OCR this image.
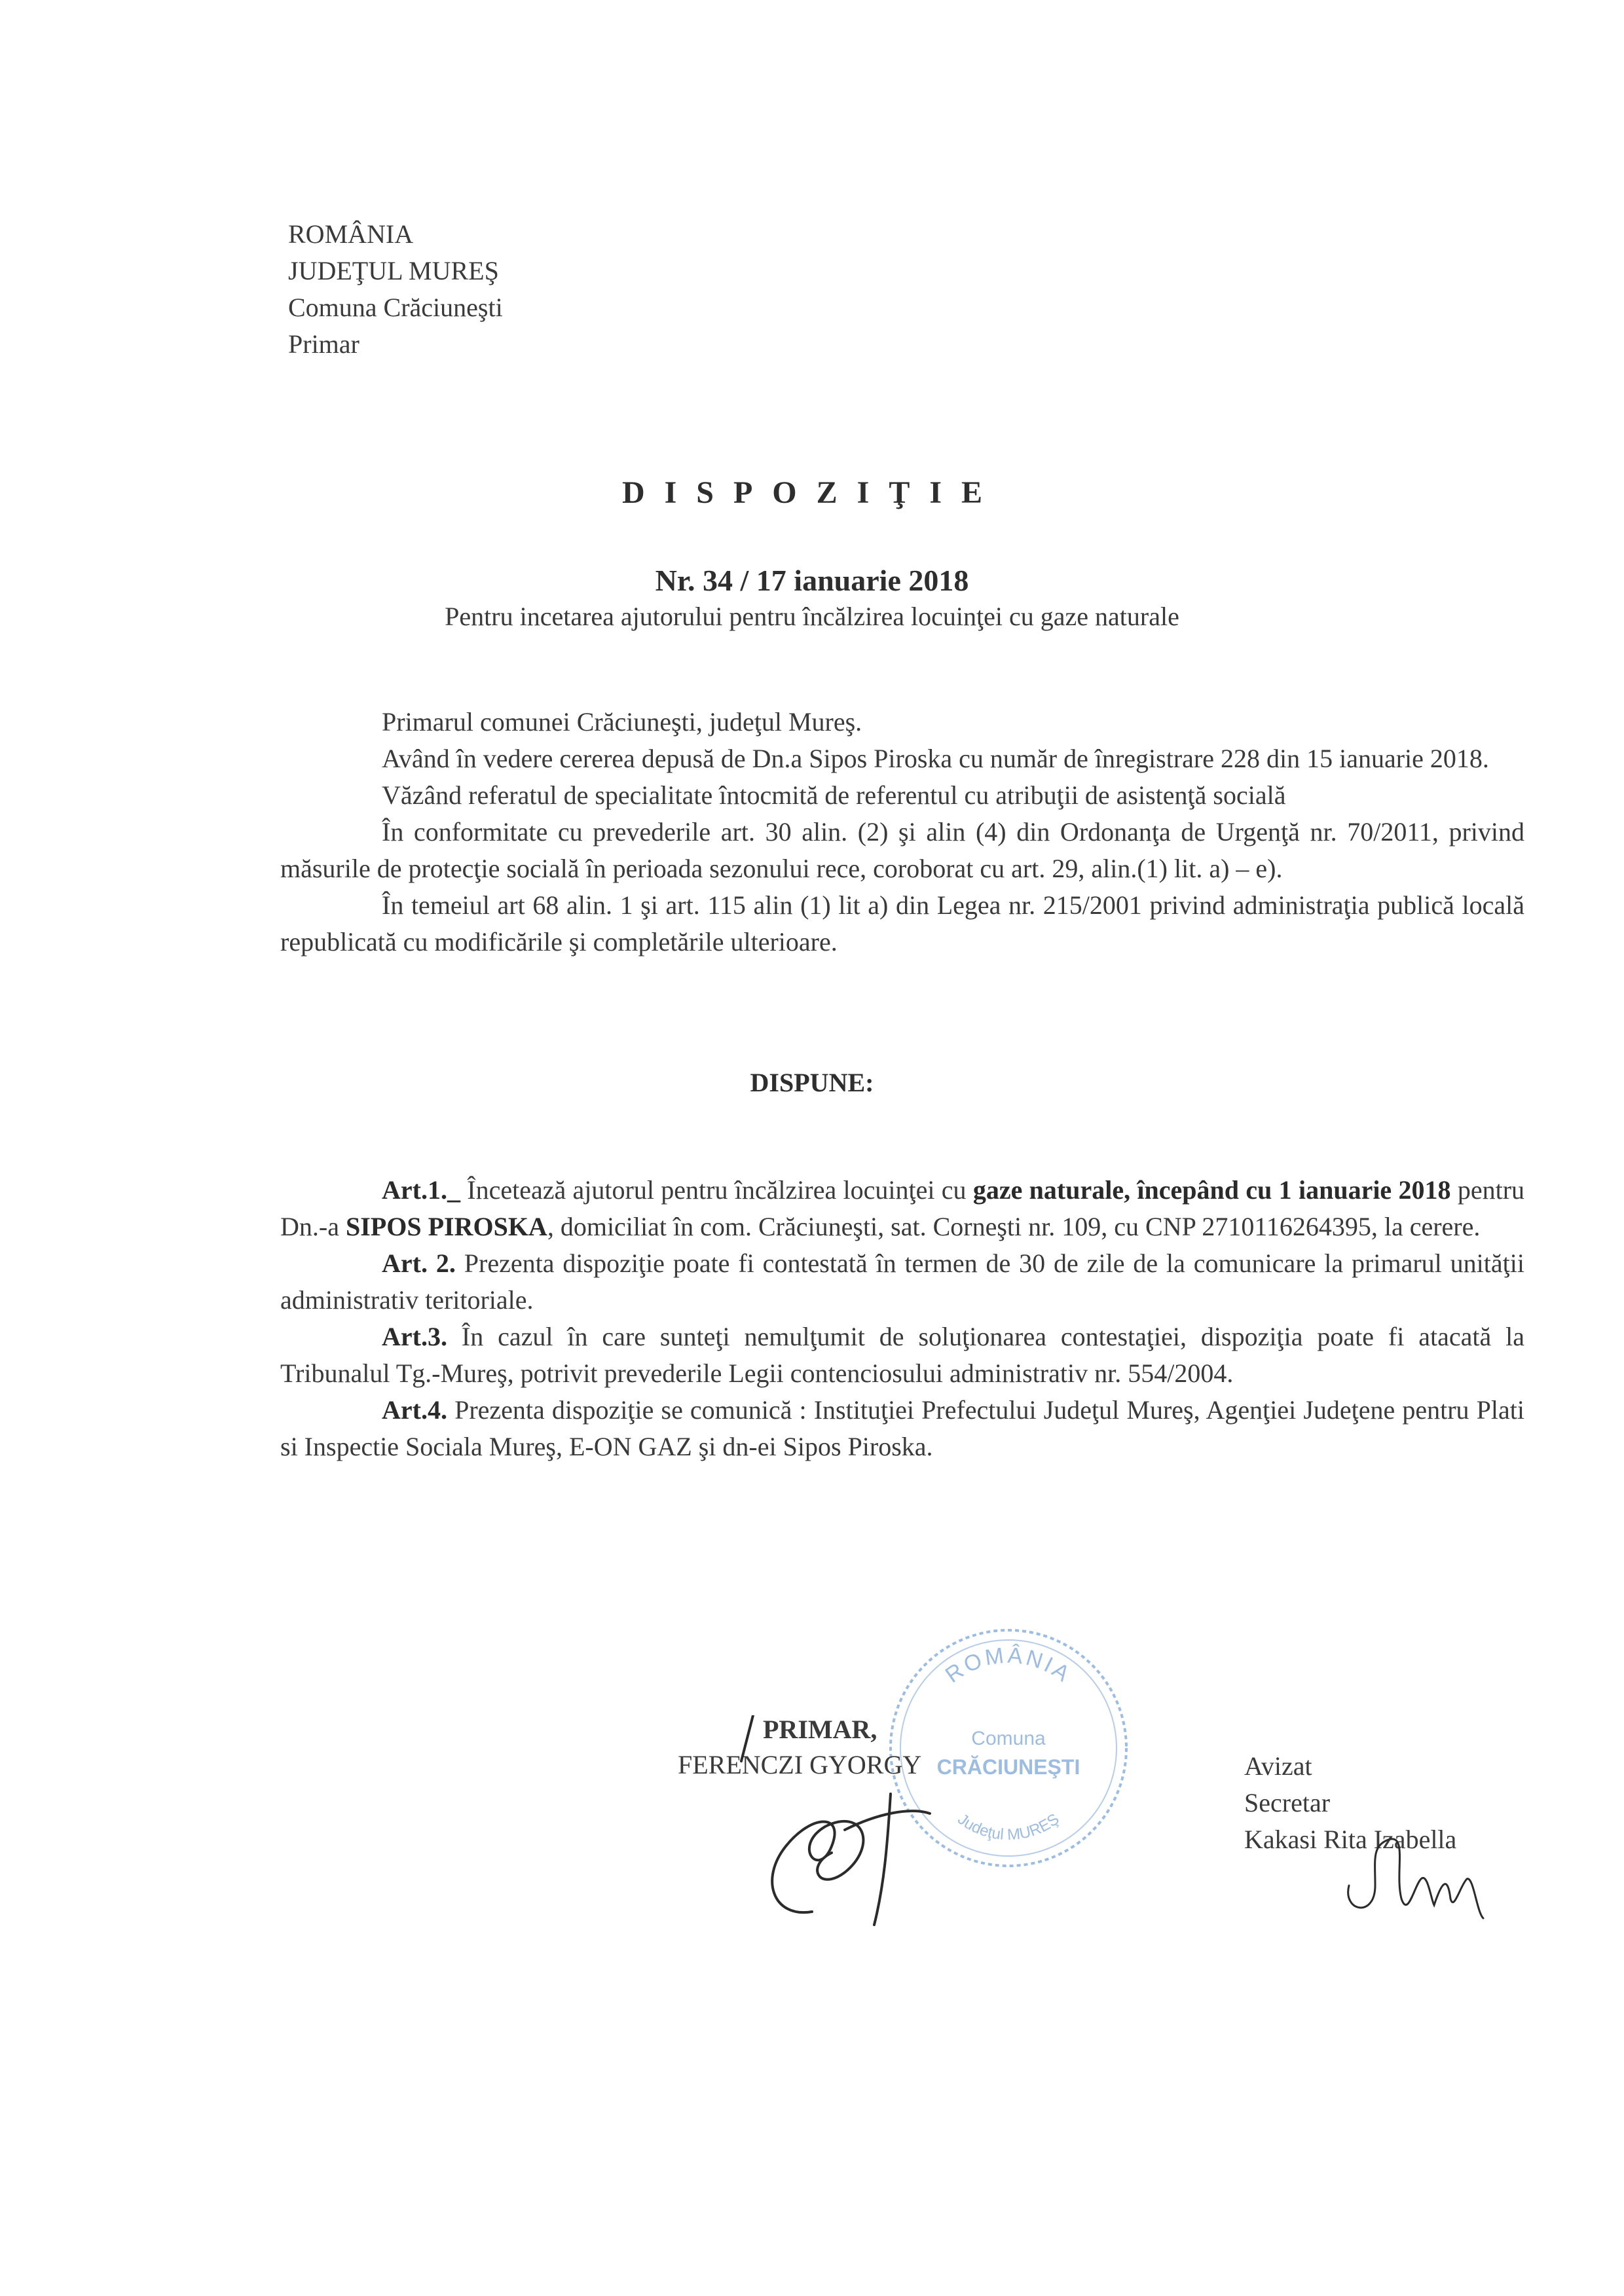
ROMÂNIA
JUDEŢUL MUREŞ
Comuna Crăciuneşti
Primar
DISPOZIŢIE
Nr. 34 / 17 ianuarie 2018
Pentru incetarea ajutorului pentru încălzirea locuinţei cu gaze naturale

Primarul comunei Crăciuneşti, judeţul Mureş.

Având în vedere cererea depusă de Dn.a Sipos Piroska cu număr de înregistrare 228 din 15 ianuarie 2018.

Văzând referatul de specialitate întocmită de referentul cu atribuţii de asistenţă socială

În conformitate cu prevederile art. 30 alin. (2) şi alin (4) din Ordonanţa de Urgenţă nr. 70/2011, privind măsurile de protecţie socială în perioada sezonului rece, coroborat cu art. 29, alin.(1) lit. a) – e).

În temeiul art 68 alin. 1 şi art. 115 alin (1) lit a) din Legea nr. 215/2001 privind administraţia publică locală republicată cu modificările şi completările ulterioare.

DISPUNE:

Art.1._ Încetează ajutorul pentru încălzirea locuinţei cu gaze naturale, începând cu 1 ianuarie 2018 pentru Dn.-a SIPOS PIROSKA, domiciliat în com. Crăciuneşti, sat. Corneşti nr. 109, cu CNP 2710116264395, la cerere.

Art. 2. Prezenta dispoziţie poate fi contestată în termen de 30 de zile de la comunicare la primarul unităţii administrativ teritoriale.

Art.3. În cazul în care sunteţi nemulţumit de soluţionarea contestaţiei, dispoziţia poate fi atacată la Tribunalul Tg.-Mureş, potrivit prevederile Legii contenciosului administrativ nr. 554/2004.

Art.4. Prezenta dispoziţie se comunică : Instituţiei Prefectului Judeţul Mureş, Agenţiei Judeţene pentru Plati si Inspectie Sociala Mureş, E-ON GAZ şi dn-ei Sipos Piroska.

ROMÂNIA
Comuna
CRĂCIUNEŞTI
Judeţul MUREŞ
PRIMAR,
FERENCZI GYORGY	Avizat
Secretar
Kakasi Rita Izabella
